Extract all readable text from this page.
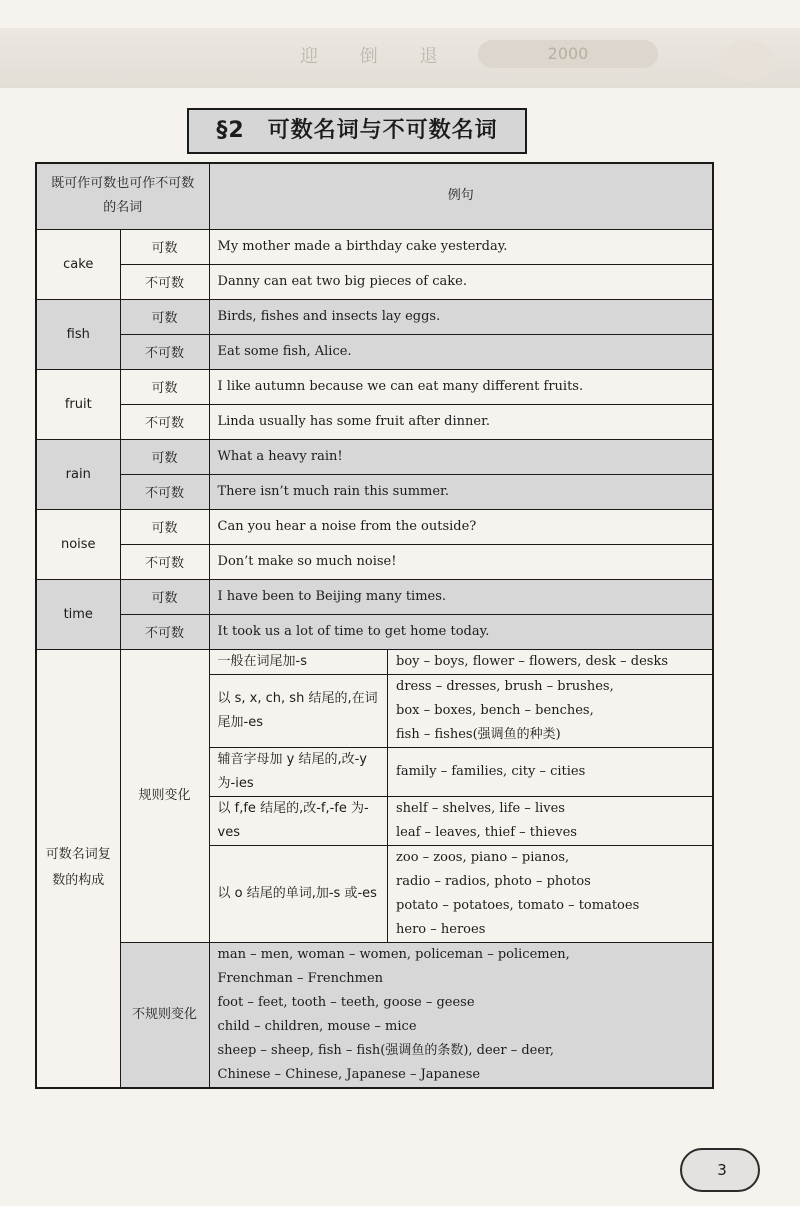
迎 倒 退	2000
§2　可数名词与不可数名词
既可作可数也可作不可数的名词	例句
cake	可数	My mother made a birthday cake yesterday.
不可数	Danny can eat two big pieces of cake.
fish	可数	Birds, fishes and insects lay eggs.
不可数	Eat some fish, Alice.
fruit	可数	I like autumn because we can eat many different fruits.
不可数	Linda usually has some fruit after dinner.
rain	可数	What a heavy rain!
不可数	There isn’t much rain this summer.
noise	可数	Can you hear a noise from the outside?
不可数	Don’t make so much noise!
time	可数	I have been to Beijing many times.
不可数	It took us a lot of time to get home today.
可数名词复数的构成	规则变化	
一般在词尾加-s	boy – boys, flower – flowers, desk – desks

以 s, x, ch, sh 结尾的,在词尾加-es	
dress – dresses, brush – brushes,
box – boxes, bench – benches,
fish – fishes(强调鱼的种类)

辅音字母加 y 结尾的,改-y 为-ies	
family – families, city – cities

以 f,fe 结尾的,改-f,-fe 为-ves	
shelf – shelves, life – lives
leaf – leaves, thief – thieves

以 o 结尾的单词,加-s 或-es	
zoo – zoos, piano – pianos,
radio – radios, photo – photos
potato – potatoes, tomato – tomatoes
hero – heroes

不规则变化	
man – men, woman – women, policeman – policemen,
Frenchman – Frenchmen
foot – feet, tooth – teeth, goose – geese
child – children, mouse – mice
sheep – sheep, fish – fish(强调鱼的条数), deer – deer,
Chinese – Chinese, Japanese – Japanese
3
